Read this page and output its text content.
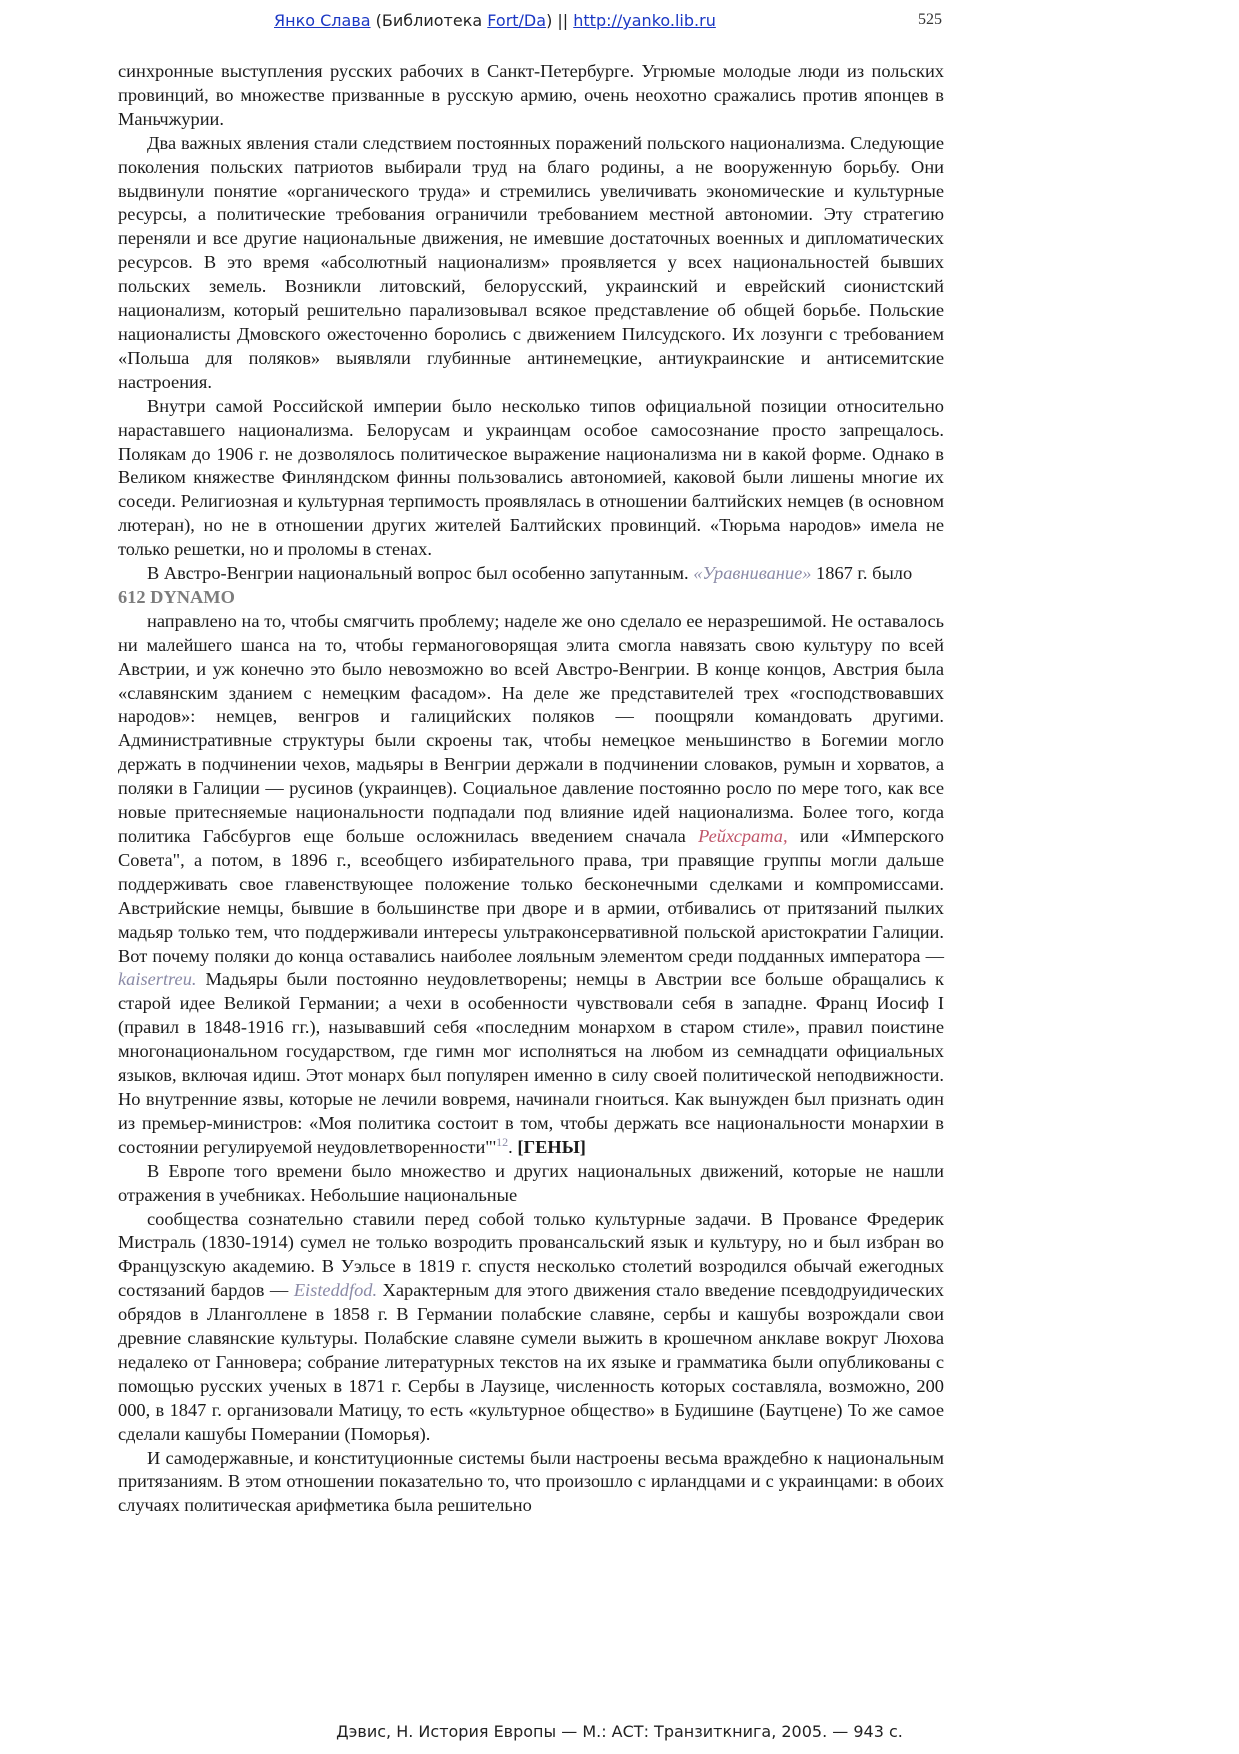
Янко Слава (Библиотека Fort/Da) || http://yanko.lib.ru	525

синхронные выступления русских рабочих в Санкт-Петербурге. Угрюмые молодые люди из польских провинций, во множестве призванные в русскую армию, очень неохотно сражались против японцев в Маньчжурии.

Два важных явления стали следствием постоянных поражений польского национализма. Следующие поколения польских патриотов выбирали труд на благо родины, а не вооруженную борьбу. Они выдвинули понятие «органического труда» и стремились увеличивать экономические и культурные ресурсы, а политические требования ограничили требованием местной автономии. Эту стратегию переняли и все другие национальные движения, не имевшие достаточных военных и дипломатических ресурсов. В это время «абсолютный национализм» проявляется у всех национальностей бывших польских земель. Возникли литовский, белорусский, украинский и еврейский сионистский национализм, который решительно парализовывал всякое представление об общей борьбе. Польские националисты Дмовского ожесточенно боролись с движением Пилсудского. Их лозунги с требованием «Польша для поляков» выявляли глубинные антинемецкие, антиукраинские и антисемитские настроения.

Внутри самой Российской империи было несколько типов официальной позиции относительно нараставшего национализма. Белорусам и украинцам особое самосознание просто запрещалось. Полякам до 1906 г. не дозволялось политическое выражение национализма ни в какой форме. Однако в Великом княжестве Финляндском финны пользовались автономией, каковой были лишены многие их соседи. Религиозная и культурная терпимость проявлялась в отношении балтийских немцев (в основном лютеран), но не в отношении других жителей Балтийских провинций. «Тюрьма народов» имела не только решетки, но и проломы в стенах.

В Австро-Венгрии национальный вопрос был особенно запутанным. «Уравнивание» 1867 г. было

612 DYNAMO

направлено на то, чтобы смягчить проблему; наделе же оно сделало ее неразрешимой. Не оставалось ни малейшего шанса на то, чтобы германоговорящая элита смогла навязать свою культуру по всей Австрии, и уж конечно это было невозможно во всей Австро-Венгрии. В конце концов, Австрия была «славянским зданием с немецким фасадом». На деле же представителей трех «господствовавших народов»: немцев, венгров и галицийских поляков — поощряли командовать другими. Административные структуры были скроены так, чтобы немецкое меньшинство в Богемии могло держать в подчинении чехов, мадьяры в Венгрии держали в подчинении словаков, румын и хорватов, а поляки в Галиции — русинов (украинцев). Социальное давление постоянно росло по мере того, как все новые притесняемые национальности подпадали под влияние идей национализма. Более того, когда политика Габсбургов еще больше осложнилась введением сначала Рейхсрата, или «Имперского Совета", а потом, в 1896 г., всеобщего избирательного права, три правящие группы могли дальше поддерживать свое главенствующее положение только бесконечными сделками и компромиссами. Австрийские немцы, бывшие в большинстве при дворе и в армии, отбивались от притязаний пылких мадьяр только тем, что поддерживали интересы ультраконсервативной польской аристократии Галиции. Вот почему поляки до конца оставались наиболее лояльным элементом среди подданных императора — kaisertreu. Мадьяры были постоянно неудовлетворены; немцы в Австрии все больше обращались к старой идее Великой Германии; а чехи в особенности чувствовали себя в западне. Франц Иосиф I (правил в 1848-1916 гг.), называвший себя «последним монархом в старом стиле», правил поистине многонациональном государством, где гимн мог исполняться на любом из семнадцати официальных языков, включая идиш. Этот монарх был популярен именно в силу своей политической неподвижности. Но внутренние язвы, которые не лечили вовремя, начинали гноиться. Как вынужден был признать один из премьер-министров: «Моя политика состоит в том, чтобы держать все национальности монархии в состоянии регулируемой $неудовлетворенности"'^{12}$. [ГЕНЫ]

В Европе того времени было множество и других национальных движений, которые не нашли отражения в учебниках. Небольшие национальные

сообщества сознательно ставили перед собой только культурные задачи. В Провансе Фредерик Мистраль (1830-1914) сумел не только возродить провансальский язык и культуру, но и был избран во Французскую академию. В Уэльсе в 1819 г. спустя несколько столетий возродился обычай ежегодных состязаний бардов — Eisteddfod. Характерным для этого движения стало введение псевдодруидических обрядов в Лланголлене в 1858 г. В Германии полабские славяне, сербы и кашубы возрождали свои древние славянские культуры. Полабские славяне сумели выжить в крошечном анклаве вокруг Люхова недалеко от Ганновера; собрание литературных текстов на их языке и грамматика были опубликованы с помощью русских ученых в 1871 г. Сербы в Лаузице, численность которых составляла, возможно, 200 000, в 1847 г. организовали Матицу, то есть «культурное общество» в Будишине (Баутцене) То же самое сделали кашубы Померании (Поморья).

И самодержавные, и конституционные системы были настроены весьма враждебно к национальным притязаниям. В этом отношении показательно то, что произошло с ирландцами и с украинцами: в обоих случаях политическая арифметика была решительно

Дэвис, Н. История Европы — М.: АСТ: Транзиткнига, 2005. — 943 с.
